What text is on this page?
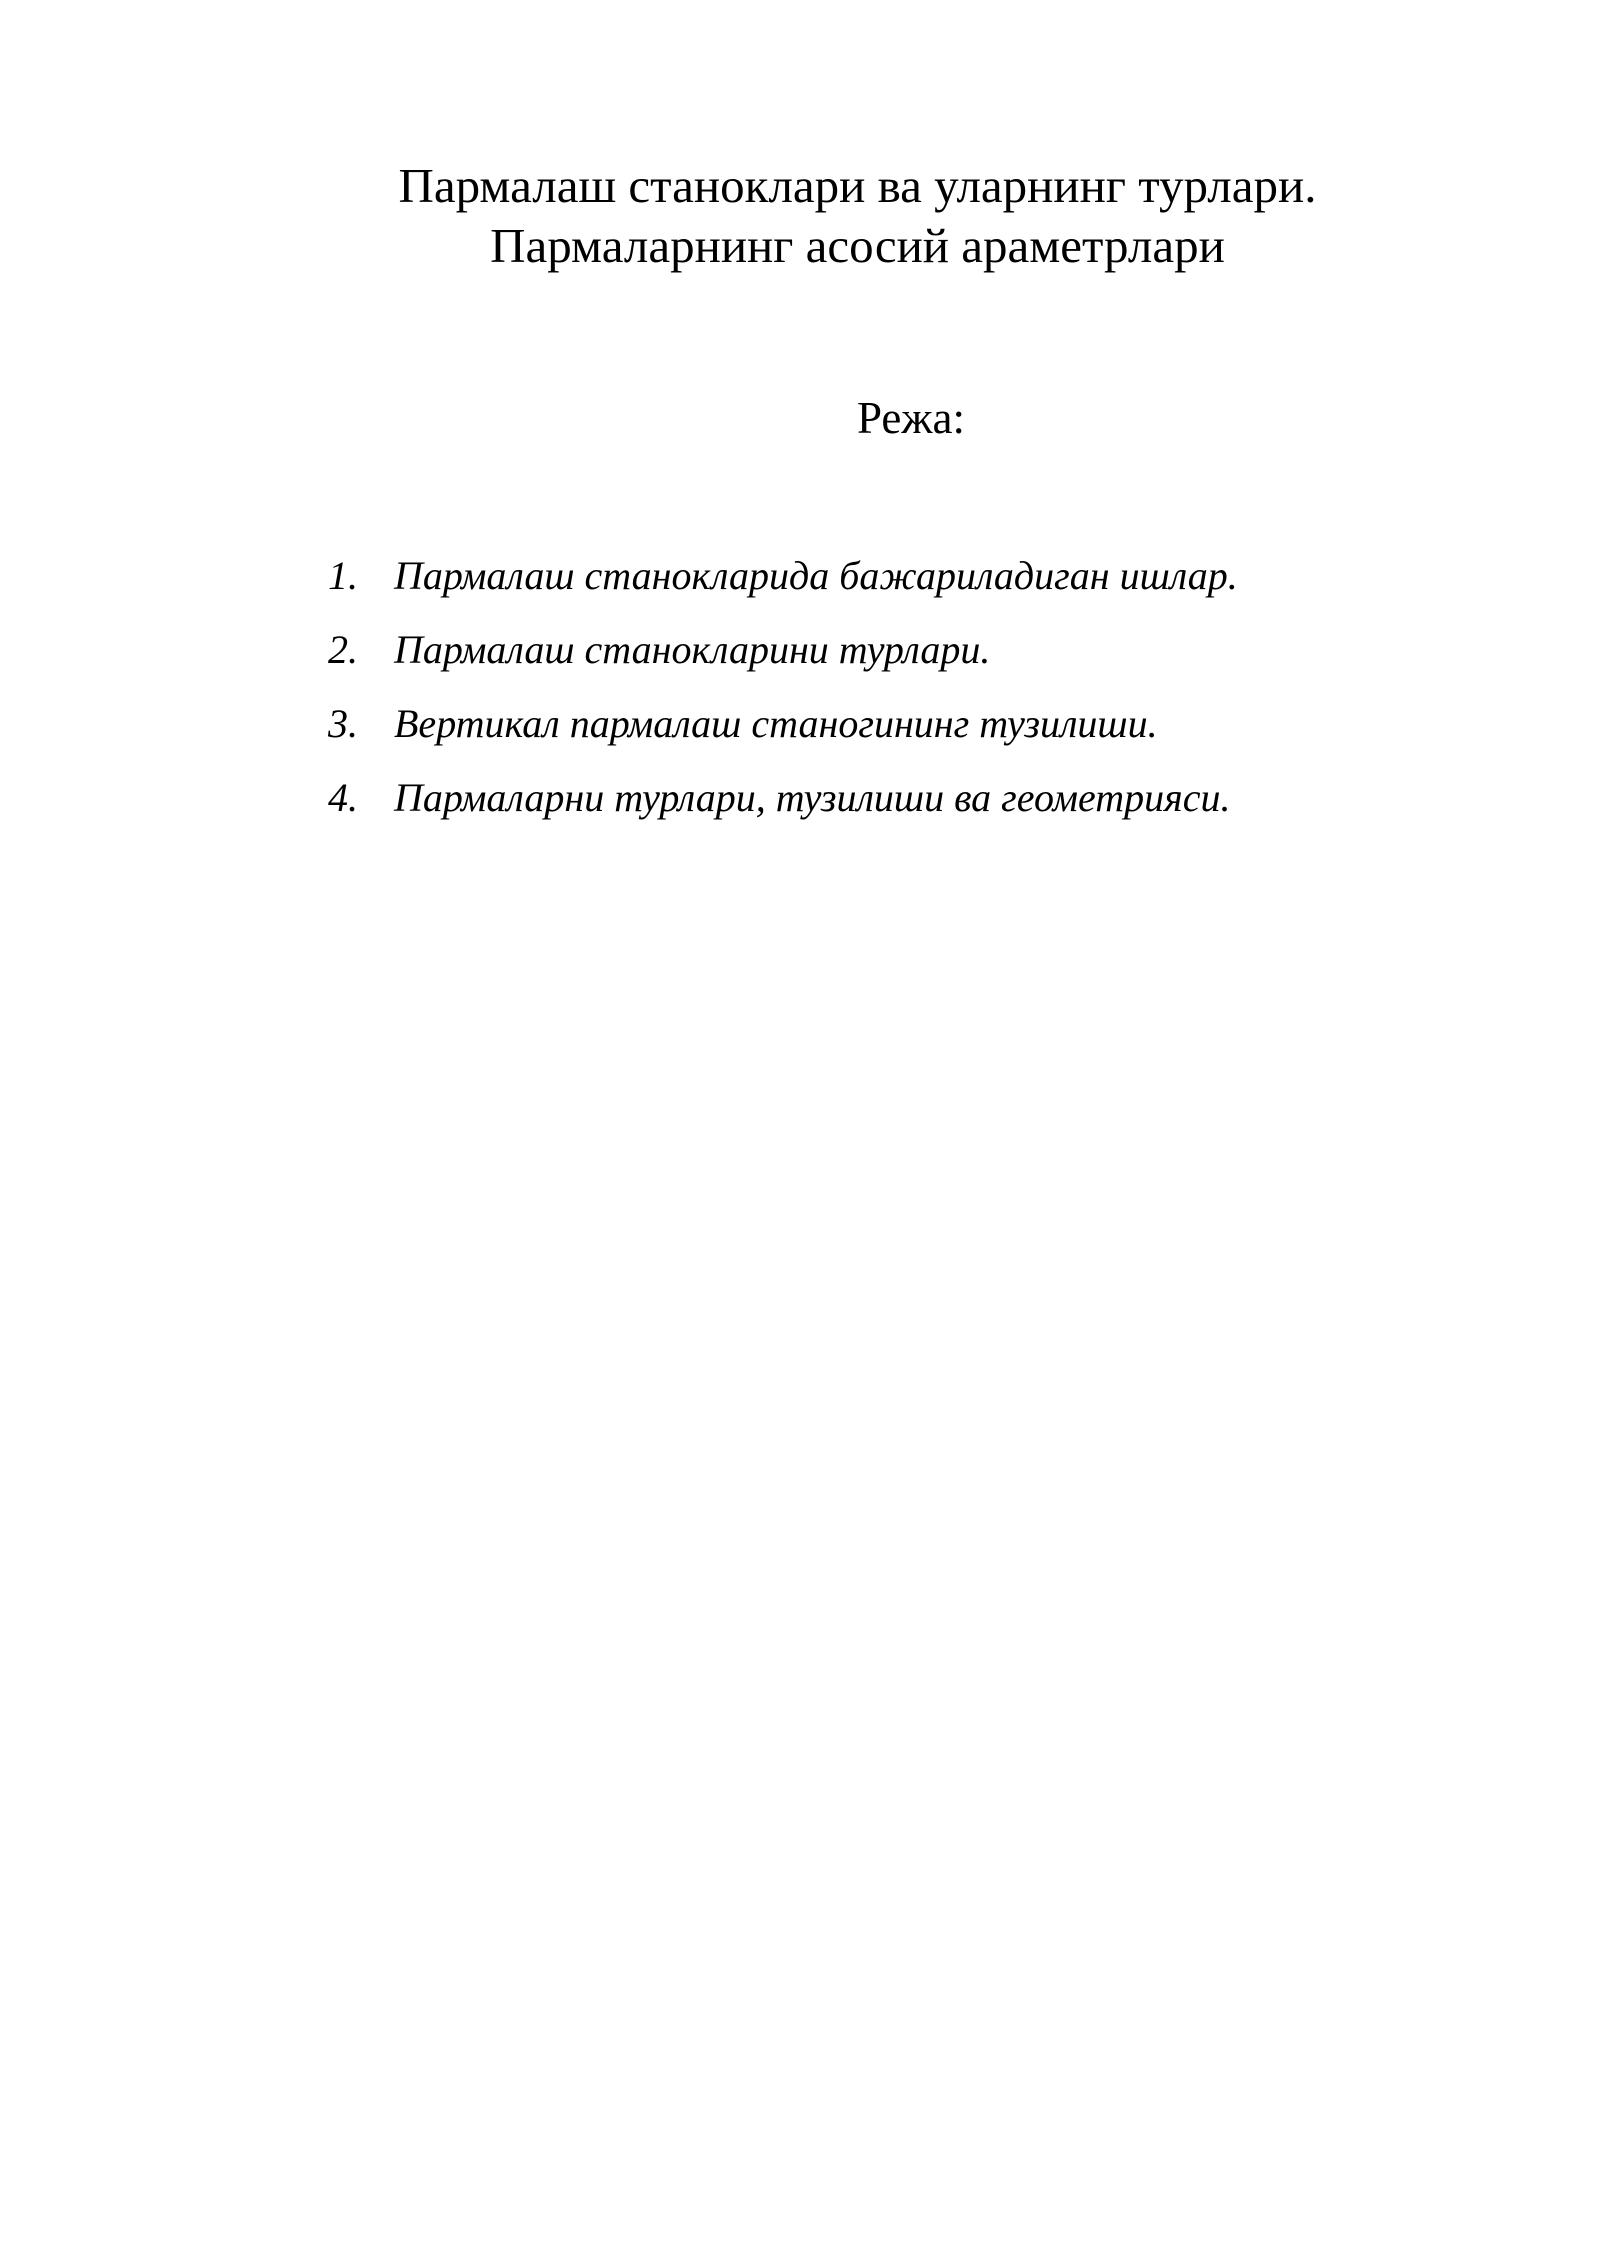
Пармалаш станоклари ва уларнинг турлари.
Пармаларнинг асосий араметрлари

Режа:

1. Пармалаш станокларида бажариладиган ишлар.
2. Пармалаш станокларини турлари.
3. Вертикал пармалаш станогининг тузилиши.
4. Пармаларни турлари, тузилиши ва геометрияси.
